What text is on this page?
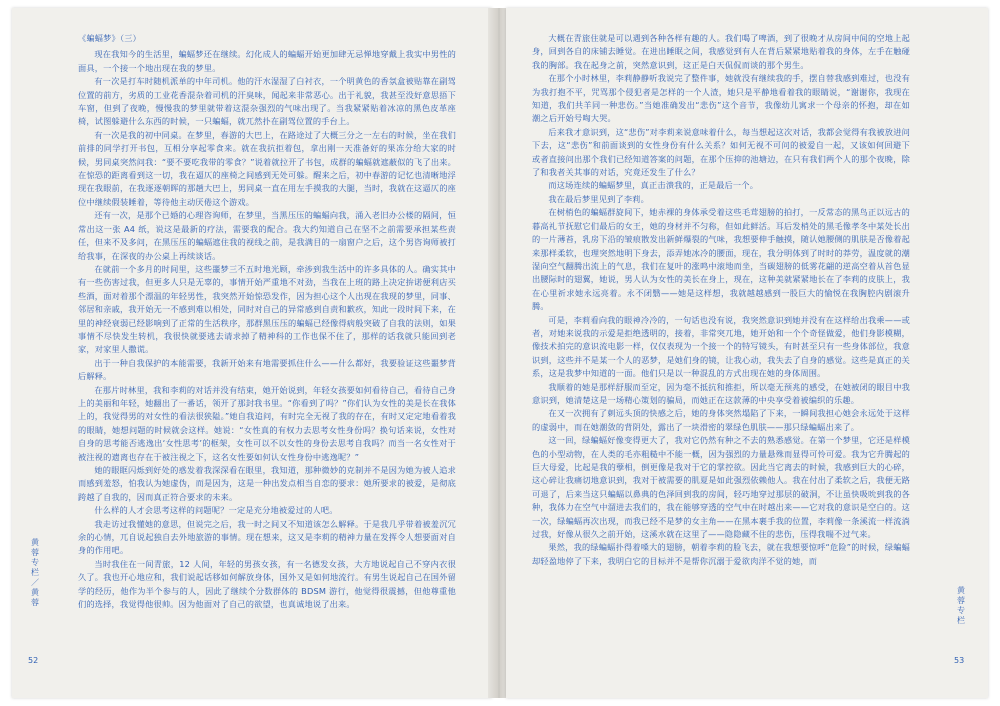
《蝙蝠梦》（三）

现在我知今的生活里，蝙蝠梦还在继续。幻化成人的蝙蝠开始更加肆无忌惮地穿戴上我实中男性的面具，一个接一个地出现在我的梦里。

有一次是打车时随机派单的中年司机。他的汗水湿湿了白衬衣，一个明黄色的香氛盒被贴靠在副驾位置的前方，劣质的工业花香混杂着司机的汗臭味，闻起来非常恶心。出于礼貌，我甚至没好意思捂下车窗，但到了夜晚，慢慢我的梦里就带着这混杂强烈的气味出现了。当我紧紧贴着冰凉的黑色皮革座椅，试图躲避什么东西的时候，一只蝙蝠，就兀然扑在副驾位置的手台上。

有一次是我的初中同桌。在梦里，春游的大巴上，在路途过了大概三分之一左右的时候，坐在我们前排的同学打开书包，互相分享起零食来。就在我抗拒着包，拿出刚一天准备好的果冻分给大家的时候，男同桌突然问我：“要不要吃我带的零食？”说着就拉开了书包，成群的蝙蝠就遮蔽似的飞了出来。在惊恐的距离看到这一切，我在逼仄的座椅之间感到无处可躲。醒来之后，初中春游的记忆也清晰地浮现在我眼前，在我逐逐朝晖的那趟大巴上，男同桌一直在用左手摸我的大腿，当时，我就在这逼仄的座位中继续假装睡着，等待他主动厌倦这个游戏。

还有一次，是那个已婚的心理咨询师，在梦里，当黑压压的蝙蝠向我，涌入老旧办公楼的隔间，恒常出这一张 A4 纸，说这是最新的疗法，需要我的配合。我大约知道自己在坚不之前需要承担某些责任，但来不及多问，在黑压压的蝙蝠遮住我的视线之前，是我满目的一扇窗户之后，这个男咨询师被打给我事，在深夜的办公桌上再续谈话。

在就前一个多月的时间里，这些噩梦三不五时地光顾，牵涉到我生活中的许多具体的人。确实其中有一些伤害过我，但更多人只是无辜的，事情开始严重地不对劲，当我在上班的路上决定拚诺便利店买些酒，面对着那个漂温的年轻男性，我突然开始惊恐发作，因为担心这个人出现在我现的梦里，同事、邻居和亲戚，我开始无一不感到难以相处，同时对自己的异常感到自责和歉疚，知此一段时间下来，在里的神经衰弱已经影响到了正常的生活秩序，那群黑压压的蝙蝠已经像得病般突破了自我的法则，如果事情不尽快发生转机，我很快就要逃去请求掉了精神科的工作也保不住了，那样的话我就只能回到老家，对家里人撒谎。

出于一种自我保护的本能需要，我新开始来有地需要抓住什么——什么都好，我要验证这些噩梦背后解释。

在那片时林里，我和李莉的对话并没有结束，她开始说到，年轻女孩要如何看待自己，看待自己身上的美丽和年轻，她翻出了一番话，领开了那封我书里。“你看到了吗？”你们认为女性的美是长在我体上的，我觉得男的对女性的看法很狭隘。”她自我追问，有时完全无视了我的存在，有时又定定地看着我的眼睛，她想问题的时候就会这样。她说：“女性真的有权力去思考女性身份吗？换句话来说，女性对自身的思考能否逃逸出‘女性思考’的框架，女性可以不以女性的身份去思考自我吗？而当一名女性对于被注视的遗离也存在于被注视之下，这名女性要如何认女性身份中逃逸呢？”

她的眼眶闪烁到好处的惑发着我深深看在眼里，我知道，那种微妙的克制并不是因为她为被人追求而感到羞怒，怕我认为她虚伪，而是因为，这是一种出发点相当自恋的要求：她所要求的被爱，是彻底跨越了自我的，因而真正符合要求的未来。

什么样的人才会思考这样的问题呢？一定是充分地被爱过的人吧。

我走访过我懂她的意思，但说完之后，我一时之间又不知道该怎么解释。于是我几乎带着被羞沉冗余的心情，兀自说起独自去外地旅游的事情。现在想来，这又是李莉的精神力量在发挥令人想要面对自身的作用吧。

当时我住在一间青旅，12 人间，年轻的男孩女孩，有一名德发女孩，大方地说起自己不穿内衣很久了。我也开心地应和，我们说起话移如何解放身体，国外又是如何地流行。有男生说起自己在国外留学的经历，他作为半个参与的人，因此了继续个分数群体的 BDSM 游行，他觉得很震撼，但他尊重他们的选择，我觉得他很帅。因为他面对了自己的欲望，也真诚地说了出来。

黄蓉专栏／黄蓉
52

大概在青旅住就是可以遇到各种各样有趣的人。我们喝了啤酒，到了很晚才从房间中间的空地上起身，回到各自的床铺去睡觉。在进出睡眠之间，我感觉到有人在背后紧紧地贴着我的身体，左手在触碰我的胸部。我在起身之前，突然意识到，这正是白天侃侃而谈的那个男生。

在那个小时林里，李莉静静听我说完了整件事，她就没有继续我的手，摆自替我感到难过，也没有为我打抱不平，咒骂那个侵犯者是怎样的一个人渣，她只是平静地看着我的眼睛说，“谢谢你，我现在知道，我们共羊同一种悲伤。”当她准确发出“悲伤”这个音节，我像幼儿寓求一个母亲的怀抱，却在如潮之后开始号啕大哭。

后来我才意识到，这“悲伤”对李莉来说意味着什么，每当想起这次对话，我都会觉得有我被放进问下去，这“悲伤”和前面谈到的女性身份有什么关系？如何无视不可问的被爱自一起，又该如何回避下 或者直接问出那个我们已经知道答案的问题，在那个压抑的池塘边，在只有我们两个人的那个夜晚，除了和我者关其事的对话，究竟还发生了什么？

而这场连续的蝙蝠梦里，真正击溃我的，正是最后一个。

我在最后梦里见到了李莉。

在树梢色的蝙蝠群旋间下，她赤裸的身体承受着这些毛茸翅膀的拍打，一反常态的黑鸟正以远古的暮高礼节抚慰它们最后的女王，她的身材并不匀称，但如此鲜活。耳后发梢处的黑毛像孝冬中某处长出的一片薄苔，乳房下沿的皱痕散发出新鲜爆裂的气味，我想要伸手触摸，随认她腰侧的肌肤是否像着起来那样柔软，也理突然地明下身去，添弄她冰冷的腰面，现在，我分明体到了时时的莽劳，温度就的潮湿向空气翻腾出流上的气息，我们在复叶的涨鸣中滚地而坐，当碳翅膀的低雾花翩的逆高空着从首色显出腰际时的翅翼，她说，男人认为女性的美长在身上，现在，这种美就紧紧地长在了李莉的皮肤上，我在心里祈求她永远亮着。永不闭翳——她是这样想，我就越越感到一股巨大的愉悦在我胸腔内剧滚升腾。

可是，李莉看向我的眼神冷冷的，一句话也没有说，我突然意识到她并没有在这样给出我乘——或者，对她来说我的示爱是拒绝透明的，接着，非常突兀地，她开始和一个个奇怪做爱，他们身影模糊，像技术拍完的意识流电影一样，仅仅表现为一个接一个的特写镜头，有时甚至只有一些身体部位，我意识到，这些并不是某一个人的恶梦，是她们身的镜，让我心动，我失去了自身的感觉。这些是真正的关系，这是我梦中知道的一面。他们只是以一种混乱的方式出现在她的身体周围。

我顺着的她是那样舒服而至定，因为毫不抵抗和推拒，所以毫无预兆的感受，在她被闭的眼目中我意识到，她清楚这是一场精心策划的骗局，而她正在这款薄的中央享受着被编织的乐趣。

在又一次拥有了刺远头顶的快感之后，她的身体突然塌陷了下来，一瞬间我担心她会永远处于这样的虚弱中，而在她潮敛的背阴处，露出了一块滑密的翠绿色肌肤——那只绿蝙蝠出来了。

这一回，绿蝙蝠好像变得更大了，我对它仍然有种之不去的熟悉感觉。在第一个梦里，它还是样模色的小型动物，在人类的毛亦粗糙中不能一概，因为强烈的力量悬殊而显得可怜可爱。我为它升腾起的巨大母爱，比起是我的孽相，倒更像是我对于它的掌控欲。因此当它离去的时候，我感到巨大的心碎，这心碎让我痛切地意识到，我对于被需要的肌夏是如此强烈依赖他人。我在付出了柔软之后，我便无路可退了，后来当这只蝙蝠以鼻典的色泽回到我的房间，轻巧地穿过那层的破洞，不让虽快吸吮到我的各种，我体力在空气中溜进去我们的，我在能够穿透的空气中在时越出来——它对我的意识是空白的。这一次，绿蝙蝠再次出现，而我已经不是梦的女主角——在黑本裹手我的位置，李莉像一条溪流一样流淌过我，好像从很久之前开始，这溪水就在这里了——隐隐藏不住的悲伤，压得我喘不过气来。

果然，我的绿蝙蝠扑得着嗓大的翅膀，朝着李莉的脸飞去，就在我想要惊呼“危险”的时候，绿蝙蝠却轻盈地停了下来，我明白它的目标并不是帮你沉溺于爱欲肉洋不觉的她，而

黄蓉专栏
53
